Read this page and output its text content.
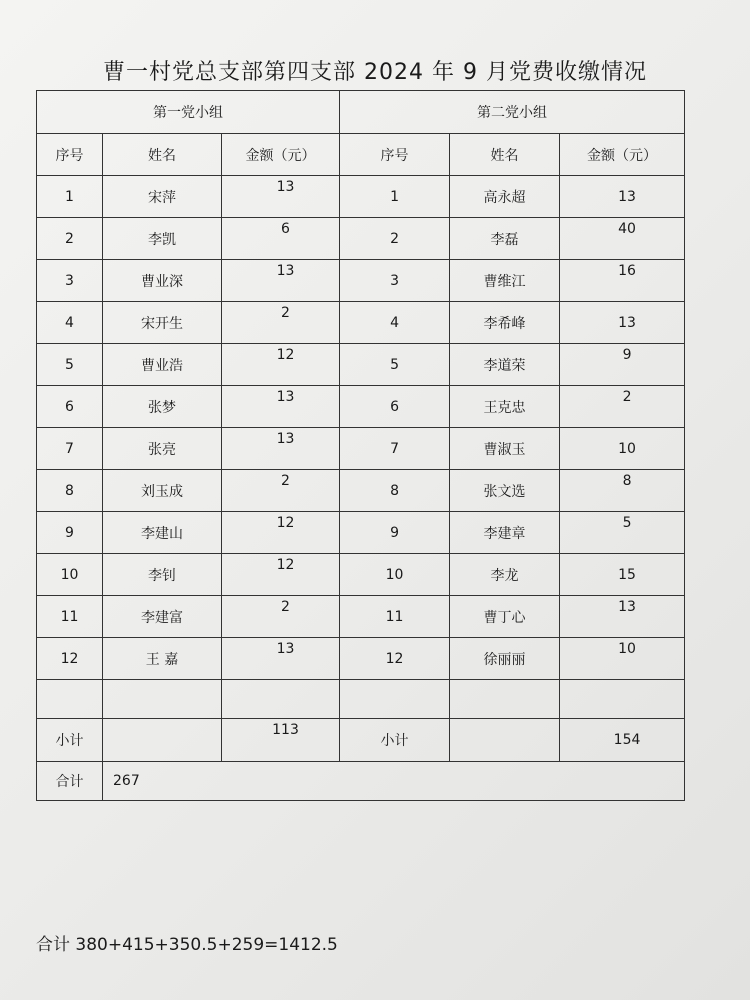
曹一村党总支部第四支部 2024 年 9 月党费收缴情况
第一党小组			第二党小组		
序号	姓名	金额（元）	序号	姓名	金额（元）
1	宋萍	13	1	高永超	13

2	李凯	6	2	李磊	40

3	曹业深	13	3	曹维江	16

4	宋开生	2	4	李希峰	13

5	曹业浩	12	5	李道荣	9

6	张梦	13	6	王克忠	2

7	张亮	13	7	曹淑玉	10

8	刘玉成	2	8	张文选	8

9	李建山	12	9	李建章	5

10	李钊	12	10	李龙	15

11	李建富	2	11	曹丁心	13

12	王 嘉	13	12	徐丽丽	10

小计		113	小计		154

合计	267				
合计 380+415+350.5+259=1412.5
